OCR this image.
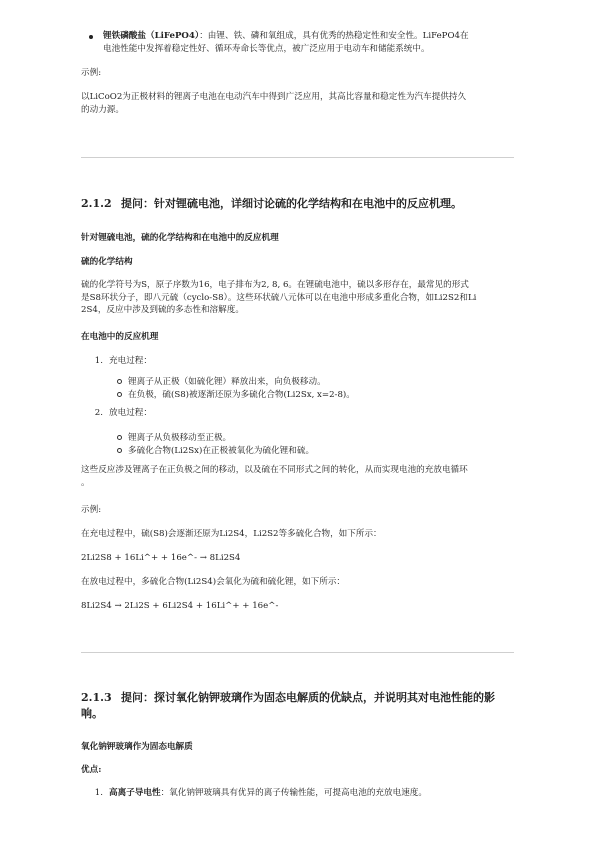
锂铁磷酸盐（LiFePO4）：由锂、铁、磷和氧组成，具有优秀的热稳定性和安全性。LiFePO4在
电池性能中发挥着稳定性好、循环寿命长等优点，被广泛应用于电动车和储能系统中。

示例:
以LiCoO2为正极材料的锂离子电池在电动汽车中得到广泛应用，其高比容量和稳定性为汽车提供持久
的动力源。
2.1.2 提问：针对锂硫电池，详细讨论硫的化学结构和在电池中的反应机理。
针对锂硫电池，硫的化学结构和在电池中的反应机理
硫的化学结构
硫的化学符号为S，原子序数为16，电子排布为2, 8, 6。在锂硫电池中，硫以多形存在，最常见的形式
是S8环状分子，即八元硫（cyclo-S8）。这些环状硫八元体可以在电池中形成多重化合物，如Li2S2和Li
2S4，反应中涉及到硫的多态性和溶解度。
在电池中的反应机理
1. 充电过程：
锂离子从正极（如硫化锂）释放出来，向负极移动。
在负极，硫(S8)被逐渐还原为多硫化合物(Li2Sx, x=2-8)。
2. 放电过程：
锂离子从负极移动至正极。
多硫化合物(Li2Sx)在正极被氧化为硫化锂和硫。
这些反应涉及锂离子在正负极之间的移动，以及硫在不同形式之间的转化，从而实现电池的充放电循环
。
示例:
在充电过程中，硫(S8)会逐渐还原为Li2S4，Li2S2等多硫化合物，如下所示：
2Li2S8 + 16Li^+ + 16e^- → 8Li2S4
在放电过程中，多硫化合物(Li2S4)会氧化为硫和硫化锂，如下所示：
8Li2S4 → 2Li2S + 6Li2S4 + 16Li^+ + 16e^-
2.1.3 提问：探讨氧化钠钾玻璃作为固态电解质的优缺点，并说明其对电池性能的影
响。
氧化钠钾玻璃作为固态电解质
优点:
1. 高离子导电性：氧化钠钾玻璃具有优异的离子传输性能，可提高电池的充放电速度。
